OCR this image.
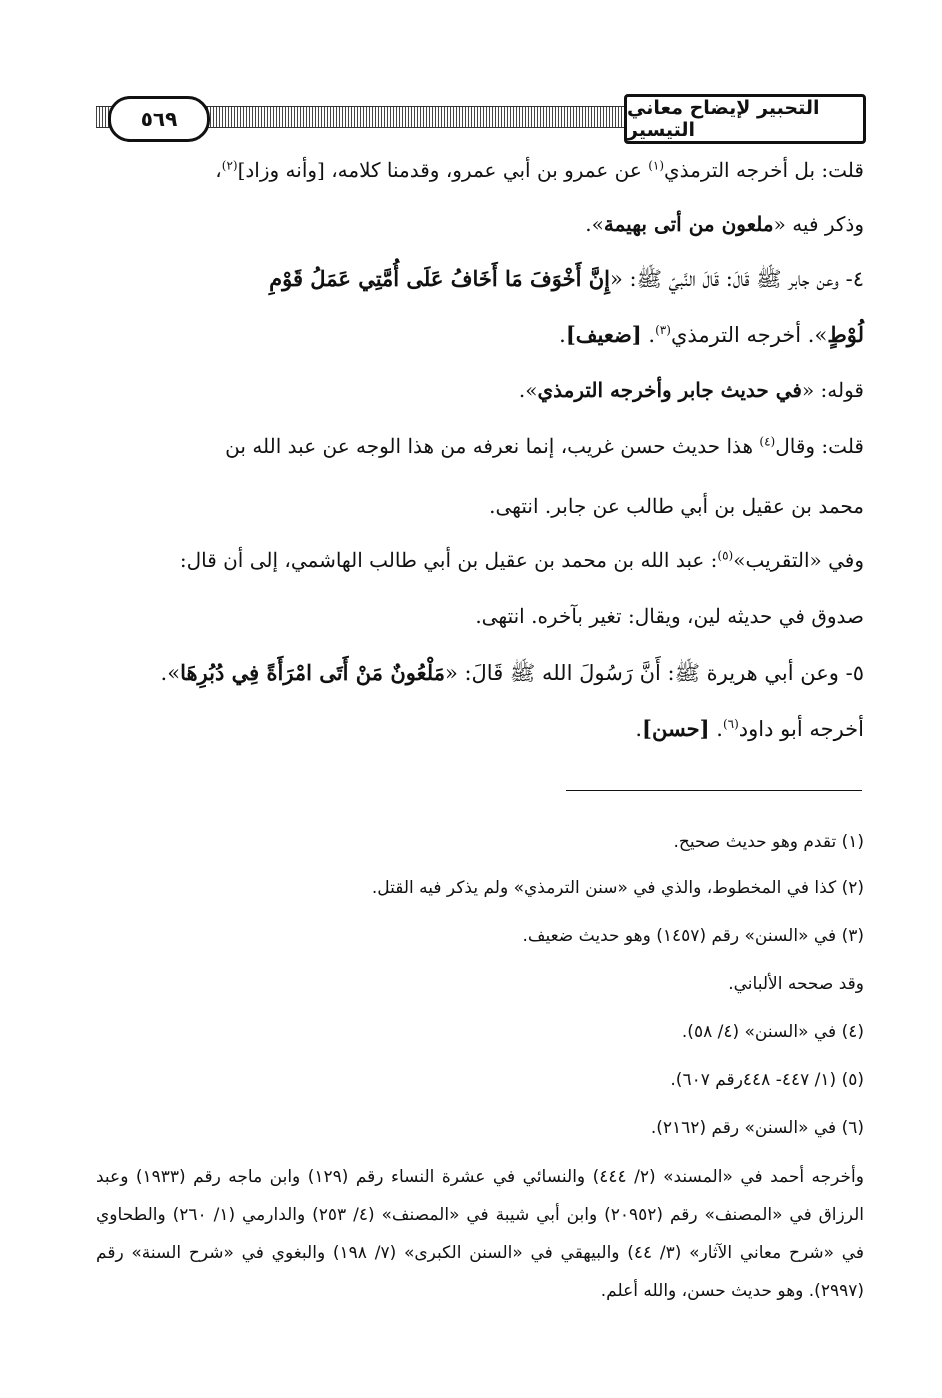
٥٦٩	التحبير لإيضاح معاني التيسير
قلت: بل أخرجه الترمذي$^{(١)}$ عن عمرو بن أبي عمرو، وقدمنا كلامه، [وأنه وزاد]$^{(٢)}$،
وذكر فيه «ملعون من أتى بهيمة».
٤- وعن جابر ﷺ قَالَ: قَالَ النَّبيّ ﷺ: «إِنَّ أَخْوَفَ مَا أَخَافُ عَلَى أُمَّتِي عَمَلُ قَوْمِ
لُوْطٍ». أخرجه الترمذي$^{(٣)}$. [ضعيف].
قوله: «في حديث جابر وأخرجه الترمذي».
قلت: وقال$^{(٤)}$ هذا حديث حسن غريب، إنما نعرفه من هذا الوجه عن عبد الله بن
محمد بن عقيل بن أبي طالب عن جابر. انتهى.
وفي «التقريب»$^{(٥)}$: عبد الله بن محمد بن عقيل بن أبي طالب الهاشمي، إلى أن قال:
صدوق في حديثه لين، ويقال: تغير بآخره. انتهى.
٥- وعن أبي هريرة ﷺ: أَنَّ رَسُولَ الله ﷺ قَالَ: «مَلْعُونٌ مَنْ أَتَى امْرَأَةً فِي دُبُرِهَا».
أخرجه أبو داود$^{(٦)}$. [حسن].
(١) تقدم وهو حديث صحيح.
(٢) كذا في المخطوط، والذي في «سنن الترمذي» ولم يذكر فيه القتل.
(٣) في «السنن» رقم (١٤٥٧) وهو حديث ضعيف.
وقد صححه الألباني.
(٤) في «السنن» (٤/ ٥٨).
(٥) (١/ ٤٤٧- ٤٤٨رقم ٦٠٧).
(٦) في «السنن» رقم (٢١٦٢).
وأخرجه أحمد في «المسند» (٢/ ٤٤٤) والنسائي في عشرة النساء رقم (١٢٩) وابن ماجه رقم (١٩٣٣) وعبد الرزاق في «المصنف» رقم (٢٠٩٥٢) وابن أبي شيبة في «المصنف» (٤/ ٢٥٣) والدارمي (١/ ٢٦٠) والطحاوي في «شرح معاني الآثار» (٣/ ٤٤) والبيهقي في «السنن الكبرى» (٧/ ١٩٨) والبغوي في «شرح السنة» رقم (٢٩٩٧). وهو حديث حسن، والله أعلم.
